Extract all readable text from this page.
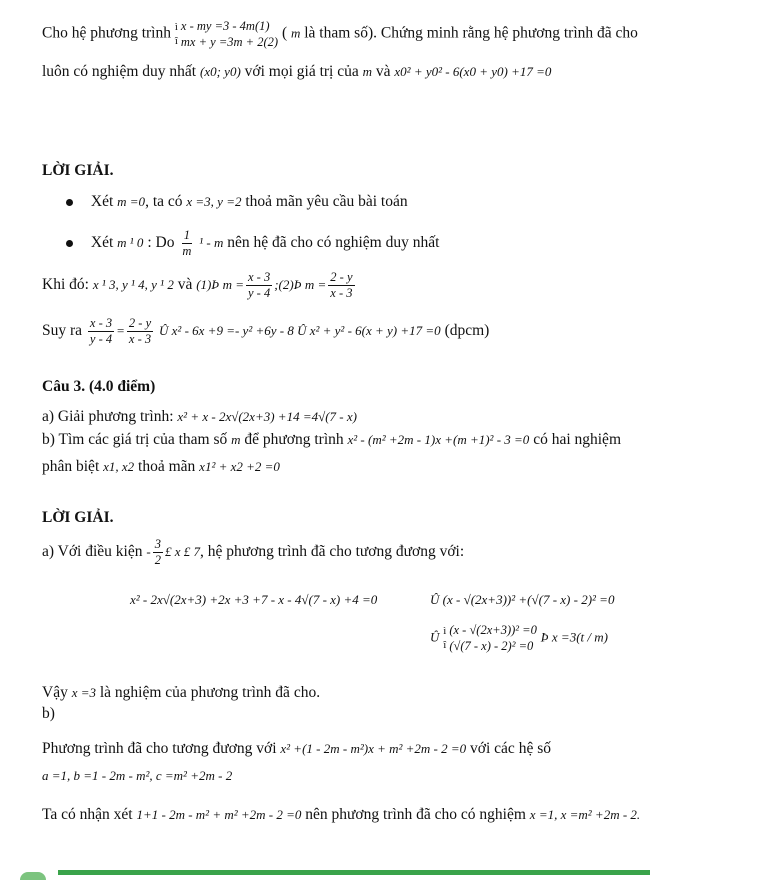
Cho hệ phương trình ì
î
x - my =3 - 4m(1)
mx + y =3m + 2(2)
( m là tham số). Chứng minh rằng hệ phương trình đã cho
luôn có nghiệm duy nhất (x0; y0) với mọi giá trị của m và x0² + y0² - 6(x0 + y0) +17 =0
LỜI GIẢI.
Xét m =0, ta có x =3, y =2 thoả mãn yêu cầu bài toán
Xét m ¹ 0 : Do $\frac{1}{m} ^1$ - m nên hệ đã cho có nghiệm duy nhất
Khi đó: x ¹ 3, y ¹ 4, y ¹ 2 và (1)Þ $m = \frac{x - 3}{y - 4}$ ;(2)Þ $m = \frac{2 - y}{x - 3}$
Suy ra $\frac{x - 3}{y - 4} = \frac{2 - y}{x - 3}$ Û x² - 6x +9 =- y² +6y - 8 Û x² + y² - 6(x + y) +17 =0 (dpcm)
Câu 3. (4.0 điểm)
a) Giải phương trình: x² + x - 2x√(2x+3) +14 =4√(7 - x)
b) Tìm các giá trị của tham số m để phương trình x² - (m² +2m - 1)x +(m +1)² - 3 =0 có hai nghiệm
phân biệt x1, x2 thoả mãn x1² + x2 +2 =0
LỜI GIẢI.
a) Với điều kiện - $\frac{3}{2}$ £ x £ 7, hệ phương trình đã cho tương đương với:
x² - 2x√(2x+3) +2x +3 +7 - x - 4√(7 - x) +4 =0	Û (x - √(2x+3))² +(√(7 - x) - 2)² =0
Û ì
î
(x - √(2x+3))² =0
(√(7 - x) - 2)² =0
Þ x =3(t / m)
Vậy x =3 là nghiệm của phương trình đã cho.
b)
Phương trình đã cho tương đương với x² +(1 - 2m - m²)x + m² +2m - 2 =0 với các hệ số
a =1, b =1 - 2m - m², c =m² +2m - 2
Ta có nhận xét 1+1 - 2m - m² + m² +2m - 2 =0 nên phương trình đã cho có nghiệm x =1, x =m² +2m - 2.
